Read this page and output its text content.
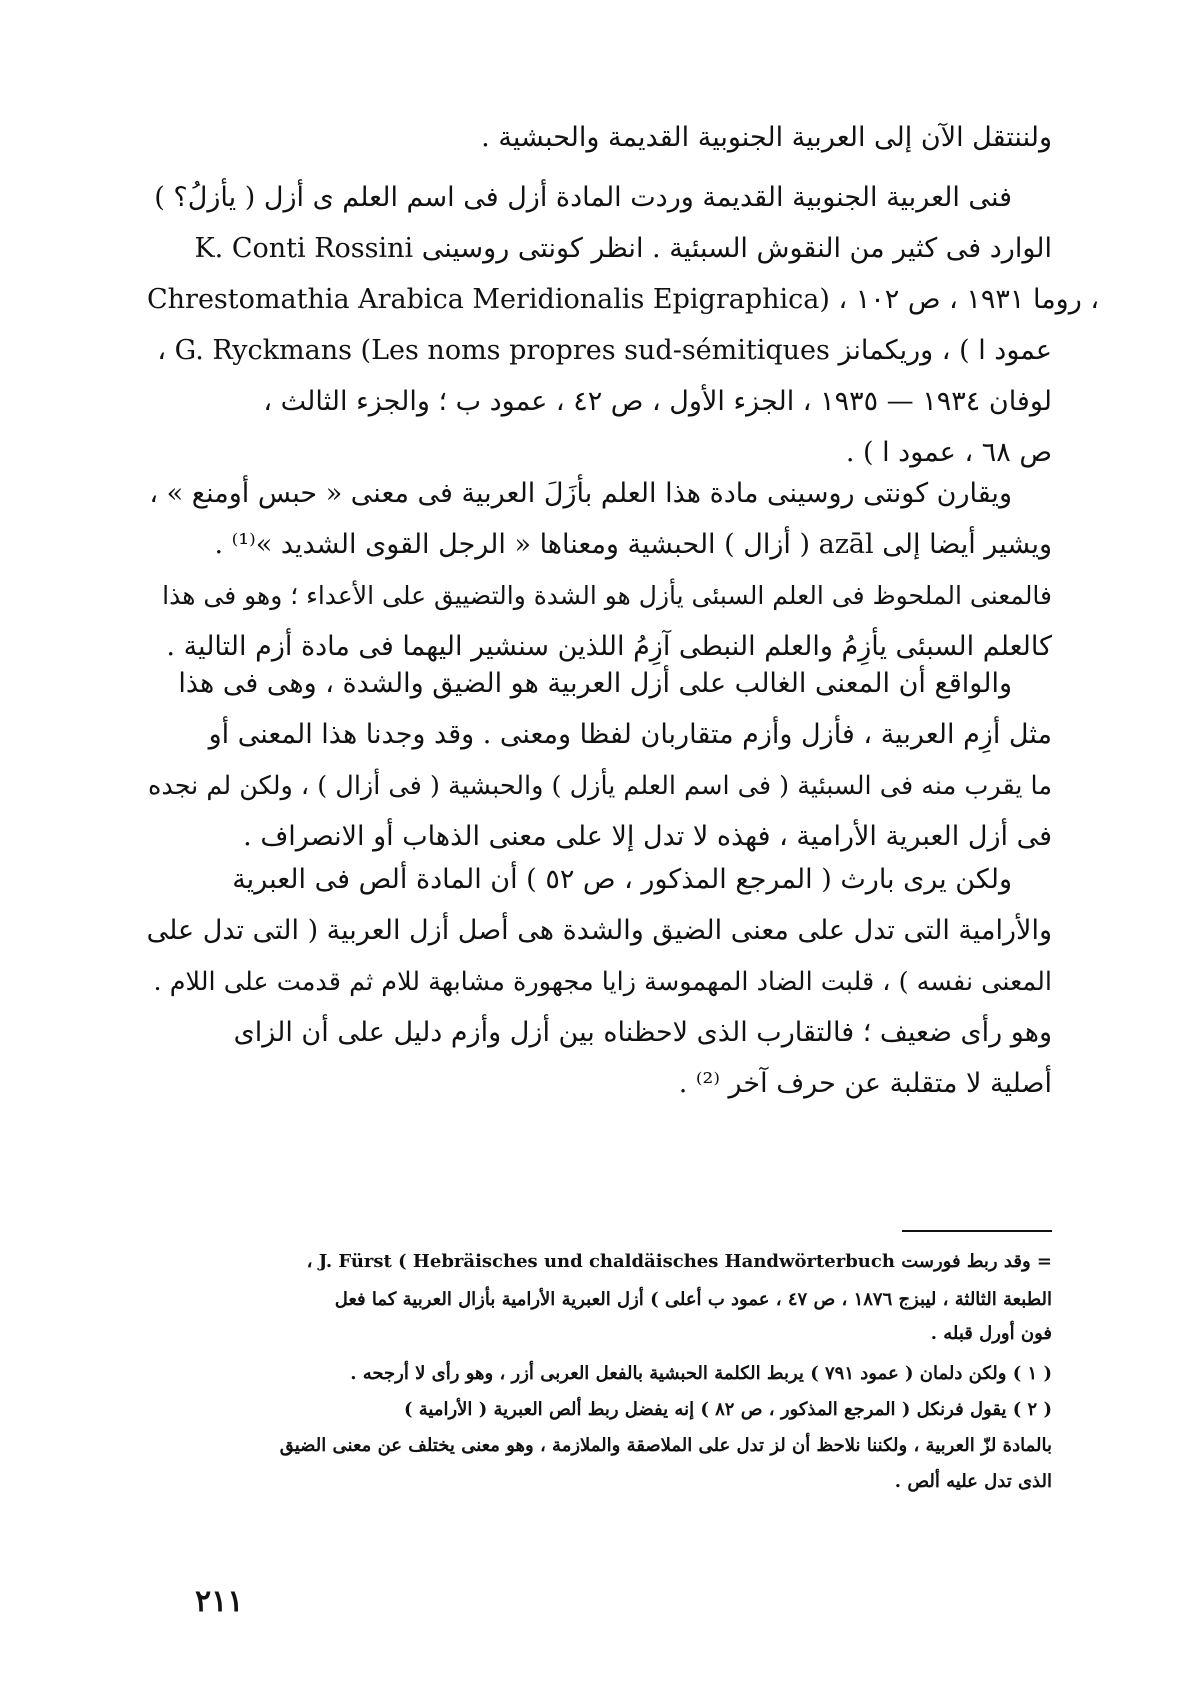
ولننتقل الآن إلى العربية الجنوبية القديمة والحبشية .
فنى العربية الجنوبية القديمة وردت المادة أزل فى اسم العلم ى أزل ( يأزلُ؟ )
الوارد فى كثير من النقوش السبئية . انظر كونتى روسينى K. Conti Rossini
Chrestomathia Arabica Meridionalis Epigraphica) ، روما ١٩٣١ ، ص ١٠٢ ،
عمود ا ) ، وريكمانز G. Ryckmans (Les noms propres sud-sémitiques ،
لوفان ١٩٣٤ — ١٩٣٥ ، الجزء الأول ، ص ٤٢ ، عمود ب ؛ والجزء الثالث ،
ص ٦٨ ، عمود ا ) .
ويقارن كونتى روسينى مادة هذا العلم بأزَلَ العربية فى معنى « حبس أومنع » ،
ويشير أيضا إلى azāl ( أزال ) الحبشية ومعناها « الرجل القوى الشديد »⁽¹⁾ .
فالمعنى الملحوظ فى العلم السبئى يأزل هو الشدة والتضييق على الأعداء ؛ وهو فى هذا
كالعلم السبئى يأزِمُ والعلم النبطى آزِمُ اللذين سنشير اليهما فى مادة أزم التالية .
والواقع أن المعنى الغالب على أزل العربية هو الضيق والشدة ، وهى فى هذا
مثل أزِم العربية ، فأزل وأزم متقاربان لفظا ومعنى . وقد وجدنا هذا المعنى أو
ما يقرب منه فى السبئية ( فى اسم العلم يأزل ) والحبشية ( فى أزال ) ، ولكن لم نجده
فى أزل العبرية الأرامية ، فهذه لا تدل إلا على معنى الذهاب أو الانصراف .
ولكن يرى بارث ( المرجع المذكور ، ص ٥٢ ) أن المادة ألص فى العبرية
والأرامية التى تدل على معنى الضيق والشدة هى أصل أزل العربية ( التى تدل على
المعنى نفسه ) ، قلبت الضاد المهموسة زايا مجهورة مشابهة للام ثم قدمت على اللام .
وهو رأى ضعيف ؛ فالتقارب الذى لاحظناه بين أزل وأزم دليل على أن الزاى
أصلية لا متقلبة عن حرف آخر ⁽²⁾ .
= وقد ربط فورست J. Fürst ( Hebräisches und chaldäisches Handwörterbuch ،
الطبعة الثالثة ، ليبزج ١٨٧٦ ، ص ٤٧ ، عمود ب أعلى ) أزل العبرية الأرامية بأزال العربية كما فعل
فون أورل قبله .
( ١ ) ولكن دلمان ( عمود ٧٩١ ) يربط الكلمة الحبشية بالفعل العربى أزر ، وهو رأى لا أرجحه .
( ٢ ) يقول فرنكل ( المرجع المذكور ، ص ٨٢ ) إنه يفضل ربط ألص العبرية ( الأرامية )
بالمادة لزّ العربية ، ولكننا نلاحظ أن لز تدل على الملاصقة والملازمة ، وهو معنى يختلف عن معنى الضيق
الذى تدل عليه ألص .
٢١١
